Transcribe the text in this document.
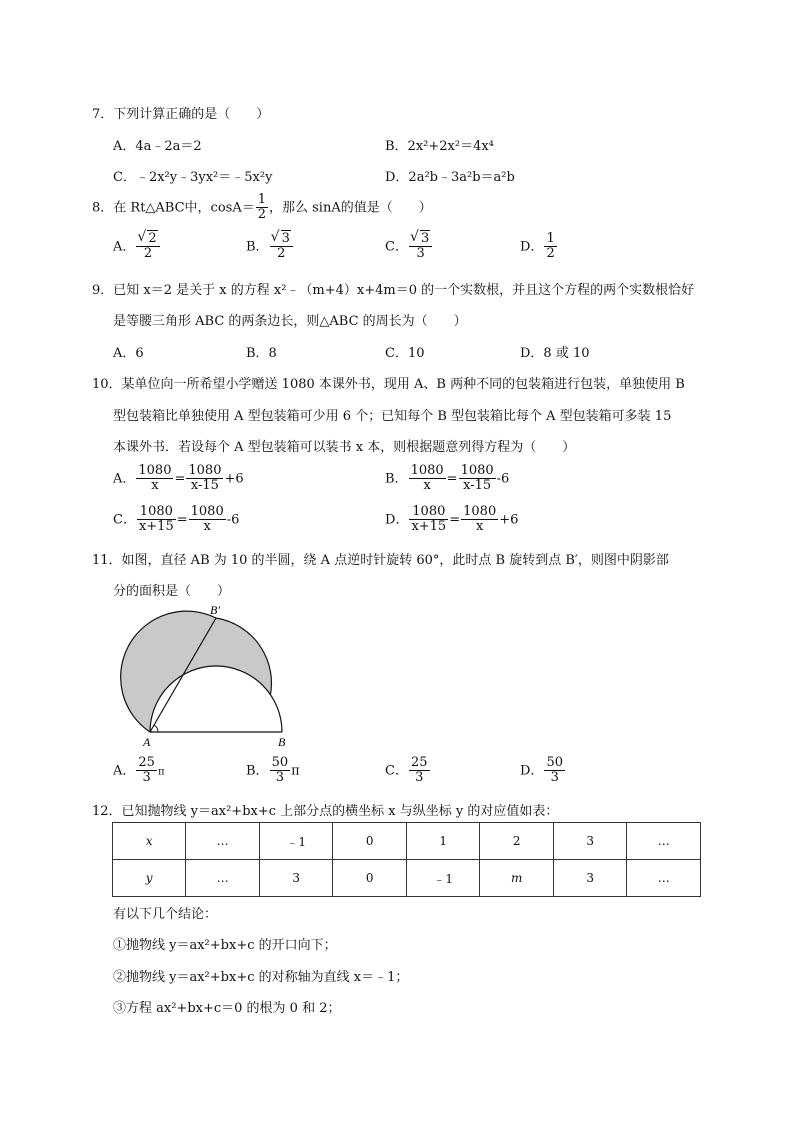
7．下列计算正确的是（　　）
A．4a﹣2a＝2	B．2x²+2x²＝4x⁴
C．﹣2x²y﹣3yx²＝﹣5x²y	D．2a²b﹣3a²b＝a²b
8．在 Rt△ABC中，$\cos A= \frac{1}{2}$ ，那么 sinA的值是（　　）
A． √ $\frac{2}{2}$	B． √ $\frac{3}{2}$	C． √ $\frac{3}{3}$	D． $\frac{1}{2}$
9．已知 x＝2 是关于 x 的方程 x²﹣（m+4）x+4m＝0 的一个实数根，并且这个方程的两个实数根恰好
是等腰三角形 ABC 的两条边长，则△ABC 的周长为（　　）
A．6	B．8	C．10	D．8 或 10
10．某单位向一所希望小学赠送 1080 本课外书，现用 A、B 两种不同的包装箱进行包装，单独使用 B
型包装箱比单独使用 A 型包装箱可少用 6 个；已知每个 B 型包装箱比每个 A 型包装箱可多装 15
本课外书．若设每个 A 型包装箱可以装书 x 本，则根据题意列得方程为（　　）
A． $\frac{1080}{x} = \frac{1080}{x-15} +6$	B． $\frac{1080}{x} = \frac{1080}{x-15} -6$
C． $\frac{1080}{x+15} = \frac{1080}{x} -6$	D． $\frac{1080}{x+15} = \frac{1080}{x} +6$
11．如图，直径 AB 为 10 的半圆，绕 A 点逆时针旋转 60°，此时点 B 旋转到点 B′，则图中阴影部
分的面积是（　　）
A	B
B′
A． $\frac{25}{3}$ π	B． $\frac{50}{3}$ π	C． $\frac{25}{3}$	D． $\frac{50}{3}$
12．已知抛物线 y＝ax²+bx+c 上部分点的横坐标 x 与纵坐标 y 的对应值如表：
x	…	﹣1	0	1	2	3	…
y	…	3	0	﹣1	m	3	…
有以下几个结论：
①抛物线 y＝ax²+bx+c 的开口向下；
②抛物线 y＝ax²+bx+c 的对称轴为直线 x＝﹣1；
③方程 ax²+bx+c＝0 的根为 0 和 2；
